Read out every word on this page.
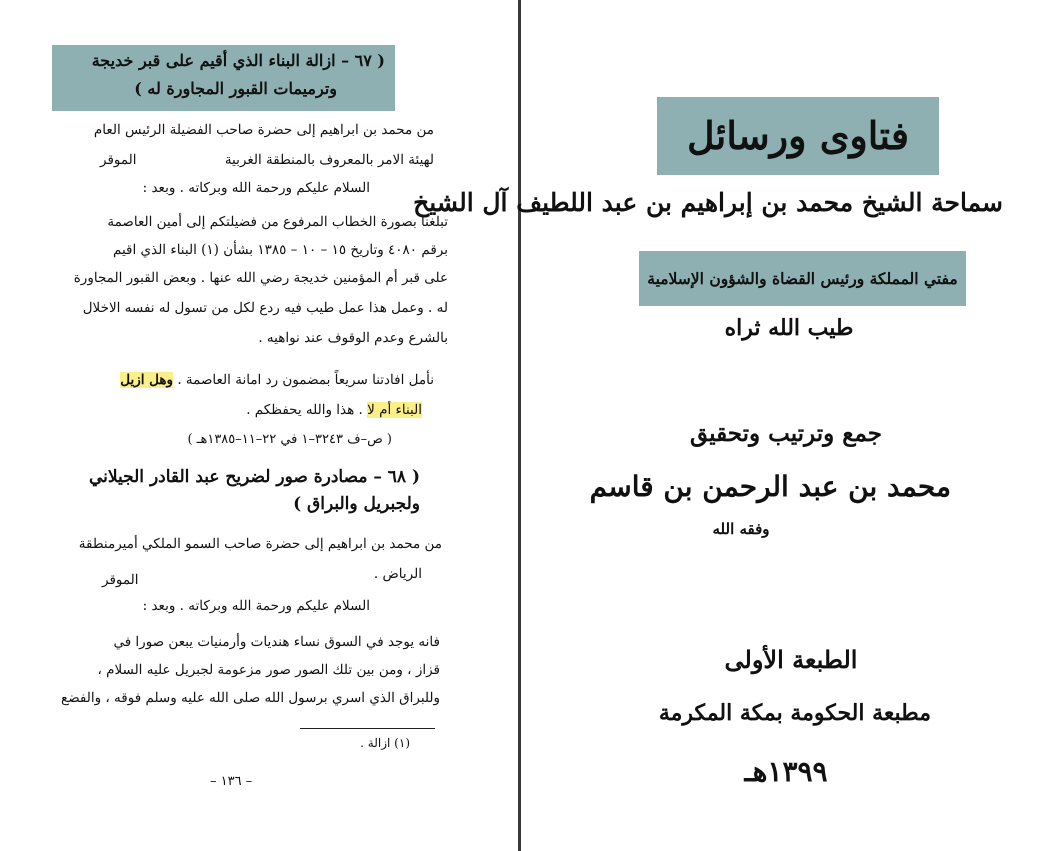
( ٦٧ – ازالة البناء الذي أقيم على قبر خديجة
وترميمات القبور المجاورة له )
من محمد بن ابراهيم إلى حضرة صاحب الفضيلة الرئيس العام
لهيئة الامر بالمعروف بالمنطقة الغربية
الموقر
السلام عليكم ورحمة الله وبركاته . وبعد :
تبلغنا بصورة الخطاب المرفوع من فضيلتكم إلى أمين العاصمة
برقم ٤٠٨٠ وتاريخ ١٥ – ١٠ – ١٣٨٥ بشأن (١) البناء الذي اقيم
على قبر أم المؤمنين خديجة رضي الله عنها . وبعض القبور المجاورة
له . وعمل هذا عمل طيب فيه ردع لكل من تسول له نفسه الاخلال
بالشرع وعدم الوقوف عند نواهيه .
نأمل افادتنا سريعاً بمضمون رد امانة العاصمة . وهل ازيل
البناء أم لا . هذا والله يحفظكم .
( ص–ف ٣٢٤٣–١ في ٢٢–١١–١٣٨٥هـ )
( ٦٨ – مصادرة صور لضريح عبد القادر الجيلاني
ولجبريل والبراق )
من محمد بن ابراهيم إلى حضرة صاحب السمو الملكي أميرمنطقة
الرياض .
الموقر
السلام عليكم ورحمة الله وبركاته . وبعد :
فانه يوجد في السوق نساء هنديات وأرمنيات يبعن صورا في
قزاز ، ومن بين تلك الصور صور مزعومة لجبريل عليه السلام ،
وللبراق الذي اسري برسول الله صلى الله عليه وسلم فوقه ، والفضع
(١) ازالة .
– ١٣٦ –
فتاوى ورسائل
سماحة الشيخ محمد بن إبراهيم بن عبد اللطيف آل الشيخ
مفتي المملكة ورئيس القضاة والشؤون الإسلامية
طيب الله ثراه
جمع وترتيب وتحقيق
محمد بن عبد الرحمن بن قاسم
وفقه الله
الطبعة الأولى
مطبعة الحكومة بمكة المكرمة
١٣٩٩هـ
